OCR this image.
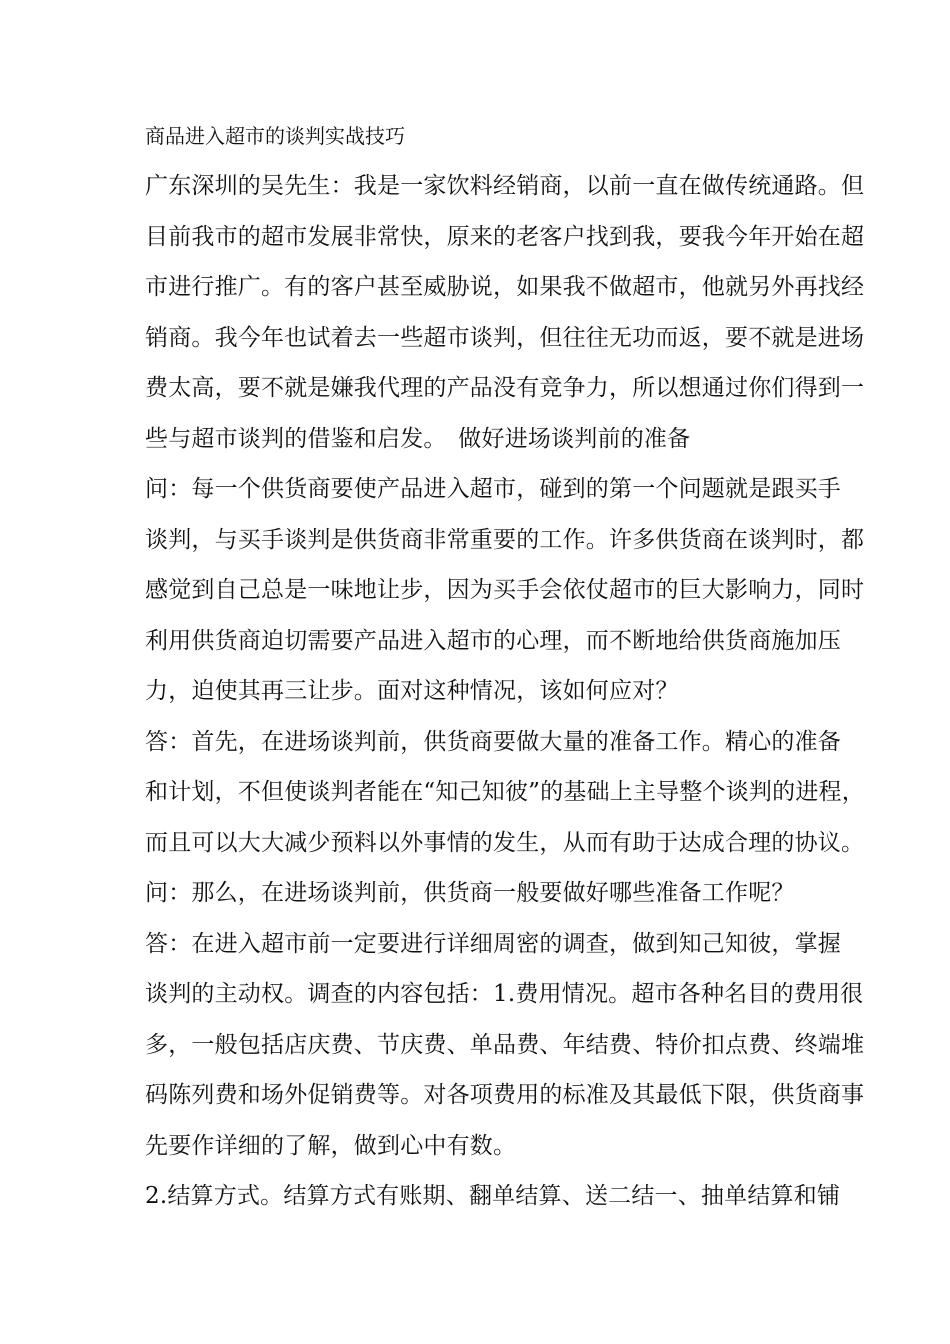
商品进入超市的谈判实战技巧
广东深圳的吴先生：我是一家饮料经销商，以前一直在做传统通路。但
目前我市的超市发展非常快，原来的老客户找到我，要我今年开始在超
市进行推广。有的客户甚至威胁说，如果我不做超市，他就另外再找经
销商。我今年也试着去一些超市谈判，但往往无功而返，要不就是进场
费太高，要不就是嫌我代理的产品没有竞争力，所以想通过你们得到一
些与超市谈判的借鉴和启发。　做好进场谈判前的准备
问：每一个供货商要使产品进入超市，碰到的第一个问题就是跟买手
谈判，与买手谈判是供货商非常重要的工作。许多供货商在谈判时，都
感觉到自己总是一味地让步，因为买手会依仗超市的巨大影响力，同时
利用供货商迫切需要产品进入超市的心理，而不断地给供货商施加压
力，迫使其再三让步。面对这种情况，该如何应对？
答：首先，在进场谈判前，供货商要做大量的准备工作。精心的准备
和计划，不但使谈判者能在“知己知彼”的基础上主导整个谈判的进程，
而且可以大大减少预料以外事情的发生，从而有助于达成合理的协议。
问：那么，在进场谈判前，供货商一般要做好哪些准备工作呢？
答：在进入超市前一定要进行详细周密的调查，做到知己知彼，掌握
谈判的主动权。调查的内容包括：1.费用情况。超市各种名目的费用很
多，一般包括店庆费、节庆费、单品费、年结费、特价扣点费、终端堆
码陈列费和场外促销费等。对各项费用的标准及其最低下限，供货商事
先要作详细的了解，做到心中有数。
2.结算方式。结算方式有账期、翻单结算、送二结一、抽单结算和铺
